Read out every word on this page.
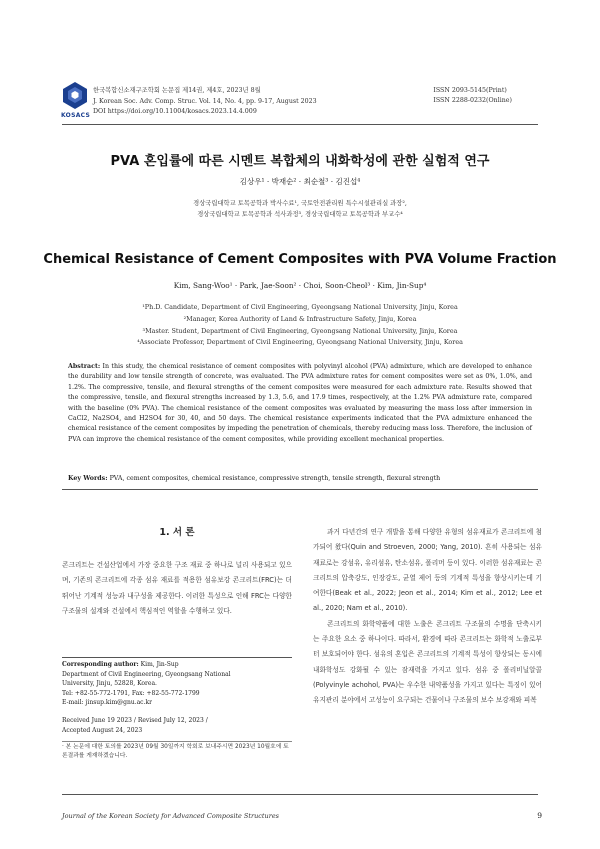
KOSACS
한국복합신소재구조학회 논문집 제14권, 제4호, 2023년 8월
J. Korean Soc. Adv. Comp. Struc. Vol. 14, No. 4, pp. 9-17, August 2023
DOI https://doi.org/10.11004/kosacs.2023.14.4.009
ISSN 2093-5145(Print)
ISSN 2288-0232(Online)
PVA 혼입률에 따른 시멘트 복합체의 내화학성에 관한 실험적 연구
김상우¹ · 박재순² · 최순철³ · 김진섭⁴
경상국립대학교 토목공학과 박사수료¹, 국토안전관리원 특수시설관리실 과장²,
경상국립대학교 토목공학과 석사과정³, 경상국립대학교 토목공학과 부교수⁴
Chemical Resistance of Cement Composites with PVA Volume Fraction
Kim, Sang-Woo¹ · Park, Jae-Soon² · Choi, Soon-Cheol³ · Kim, Jin-Sup⁴
¹Ph.D. Candidate, Department of Civil Engineering, Gyeongsang National University, Jinju, Korea
²Manager, Korea Authority of Land & Infrastructure Safety, Jinju, Korea
³Master. Student, Department of Civil Engineering, Gyeongsang National University, Jinju, Korea
⁴Associate Professor, Department of Civil Engineering, Gyeongsang National University, Jinju, Korea
Abstract: In this study, the chemical resistance of cement composites with polyvinyl alcohol (PVA) admixture, which are developed to enhance the durability and low tensile strength of concrete, was evaluated. The PVA admixture rates for cement composites were set as 0%, 1.0%, and 1.2%. The compressive, tensile, and flexural strengths of the cement composites were measured for each admixture rate. Results showed that the compressive, tensile, and flexural strengths increased by 1.3, 5.6, and 17.9 times, respectively, at the 1.2% PVA admixture rate, compared with the baseline (0% PVA). The chemical resistance of the cement composites was evaluated by measuring the mass loss after immersion in CaCl2, Na2SO4, and H2SO4 for 30, 40, and 50 days. The chemical resistance experiments indicated that the PVA admixture enhanced the chemical resistance of the cement composites by impeding the penetration of chemicals, thereby reducing mass loss. Therefore, the inclusion of PVA can improve the chemical resistance of the cement composites, while providing excellent mechanical properties.
Key Words: PVA, cement composites, chemical resistance, compressive strength, tensile strength, flexural strength
1. 서 론
콘크리트는 건설산업에서 가장 중요한 구조 재료 중 하나로 널리 사용되고 있으며, 기존의 콘크리트에 각종 섬유 재료를 적용한 섬유보강 콘크리트(FRC)는 더 뛰어난 기계적 성능과 내구성을 제공한다. 이러한 특성으로 인해 FRC는 다양한 구조물의 설계와 건설에서 핵심적인 역할을 수행하고 있다.

과거 다년간의 연구 개발을 통해 다양한 유형의 섬유재료가 콘크리트에 첨가되어 왔다(Quin and Stroeven, 2000; Yang, 2010). 흔히 사용되는 섬유재료로는 강섬유, 유리섬유, 탄소섬유, 폴리머 등이 있다. 이러한 섬유재료는 콘크리트의 압축강도, 인장강도, 균열 제어 등의 기계적 특성을 향상시키는데 기여한다(Beak et al., 2022; Jeon et al., 2014; Kim et al., 2012; Lee et al., 2020; Nam et al., 2010).

콘크리트의 화학약품에 대한 노출은 콘크리트 구조물의 수명을 단축시키는 주요한 요소 중 하나이다. 따라서, 환경에 따라 콘크리트는 화학적 노출로부터 보호되어야 한다. 섬유의 혼입은 콘크리트의 기계적 특성이 향상되는 동시에 내화학성도 강화될 수 있는 잠재력을 가지고 있다. 섬유 중 폴리비닐알콜(Polyvinyle achohol, PVA)는 우수한 내약품성을 가지고 있다는 특징이 있어 유지관리 분야에서 고성능이 요구되는 건물이나 구조물의 보수 보강재와 피복

Corresponding author: Kim, Jin-Sup
Department of Civil Engineering, Gyeongsang National
University, Jinju, 52828, Korea.
Tel: +82-55-772-1791, Fax: +82-55-772-1799
E-mail: jinsup.kim@gnu.ac.kr
Received June 19 2023 / Revised July 12, 2023 /
Accepted August 24, 2023
· 본 논문에 대한 토의를 2023년 09월 30일까지 학회로 보내주시면 2023년 10월호에 토론결과를 게재하겠습니다.
Journal of the Korean Society for Advanced Composite Structures	9
